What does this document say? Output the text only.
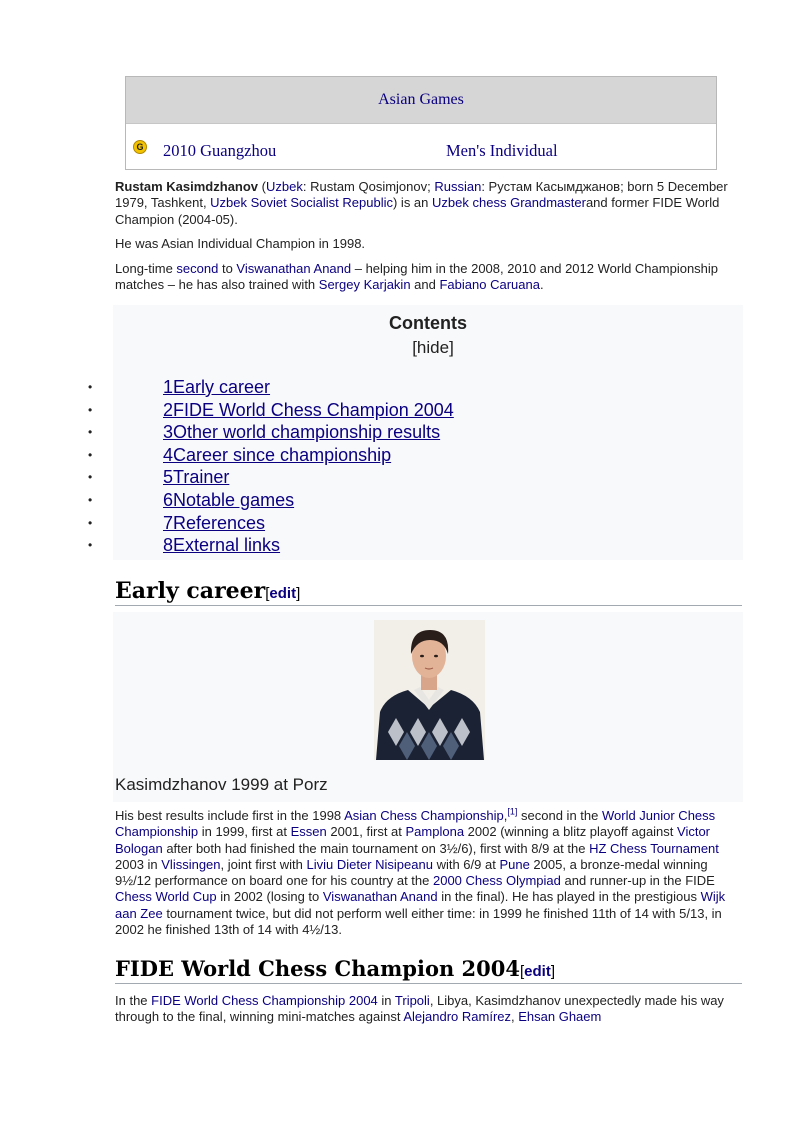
Asian Games
G 2010 Guangzhou	Men's Individual
Rustam Kasimdzhanov (Uzbek: Rustam Qosimjonov; Russian: Рустам Касымджанов; born 5 December 1979, Tashkent, Uzbek Soviet Socialist Republic) is an Uzbek chess Grandmasterand former FIDE World Champion (2004-05).
He was Asian Individual Champion in 1998.
Long-time second to Viswanathan Anand – helping him in the 2008, 2010 and 2012 World Championship matches – he has also trained with Sergey Karjakin and Fabiano Caruana.
Contents
[hide]
•	1Early career
•	2FIDE World Chess Champion 2004
•	3Other world championship results
•	4Career since championship
•	5Trainer
•	6Notable games
•	7References
•	8External links
Early career[edit]
Kasimdzhanov 1999 at Porz
His best results include first in the 1998 Asian Chess Championship,[1] second in the World Junior Chess Championship in 1999, first at Essen 2001, first at Pamplona 2002 (winning a blitz playoff against Victor Bologan after both had finished the main tournament on 3½/6), first with 8/9 at the HZ Chess Tournament 2003 in Vlissingen, joint first with Liviu Dieter Nisipeanu with 6/9 at Pune 2005, a bronze-medal winning 9½/12 performance on board one for his country at the 2000 Chess Olympiad and runner-up in the FIDE Chess World Cup in 2002 (losing to Viswanathan Anand in the final). He has played in the prestigious Wijk aan Zee tournament twice, but did not perform well either time: in 1999 he finished 11th of 14 with 5/13, in 2002 he finished 13th of 14 with 4½/13.
FIDE World Chess Champion 2004[edit]
In the FIDE World Chess Championship 2004 in Tripoli, Libya, Kasimdzhanov unexpectedly made his way through to the final, winning mini-matches against Alejandro Ramírez, Ehsan Ghaem
